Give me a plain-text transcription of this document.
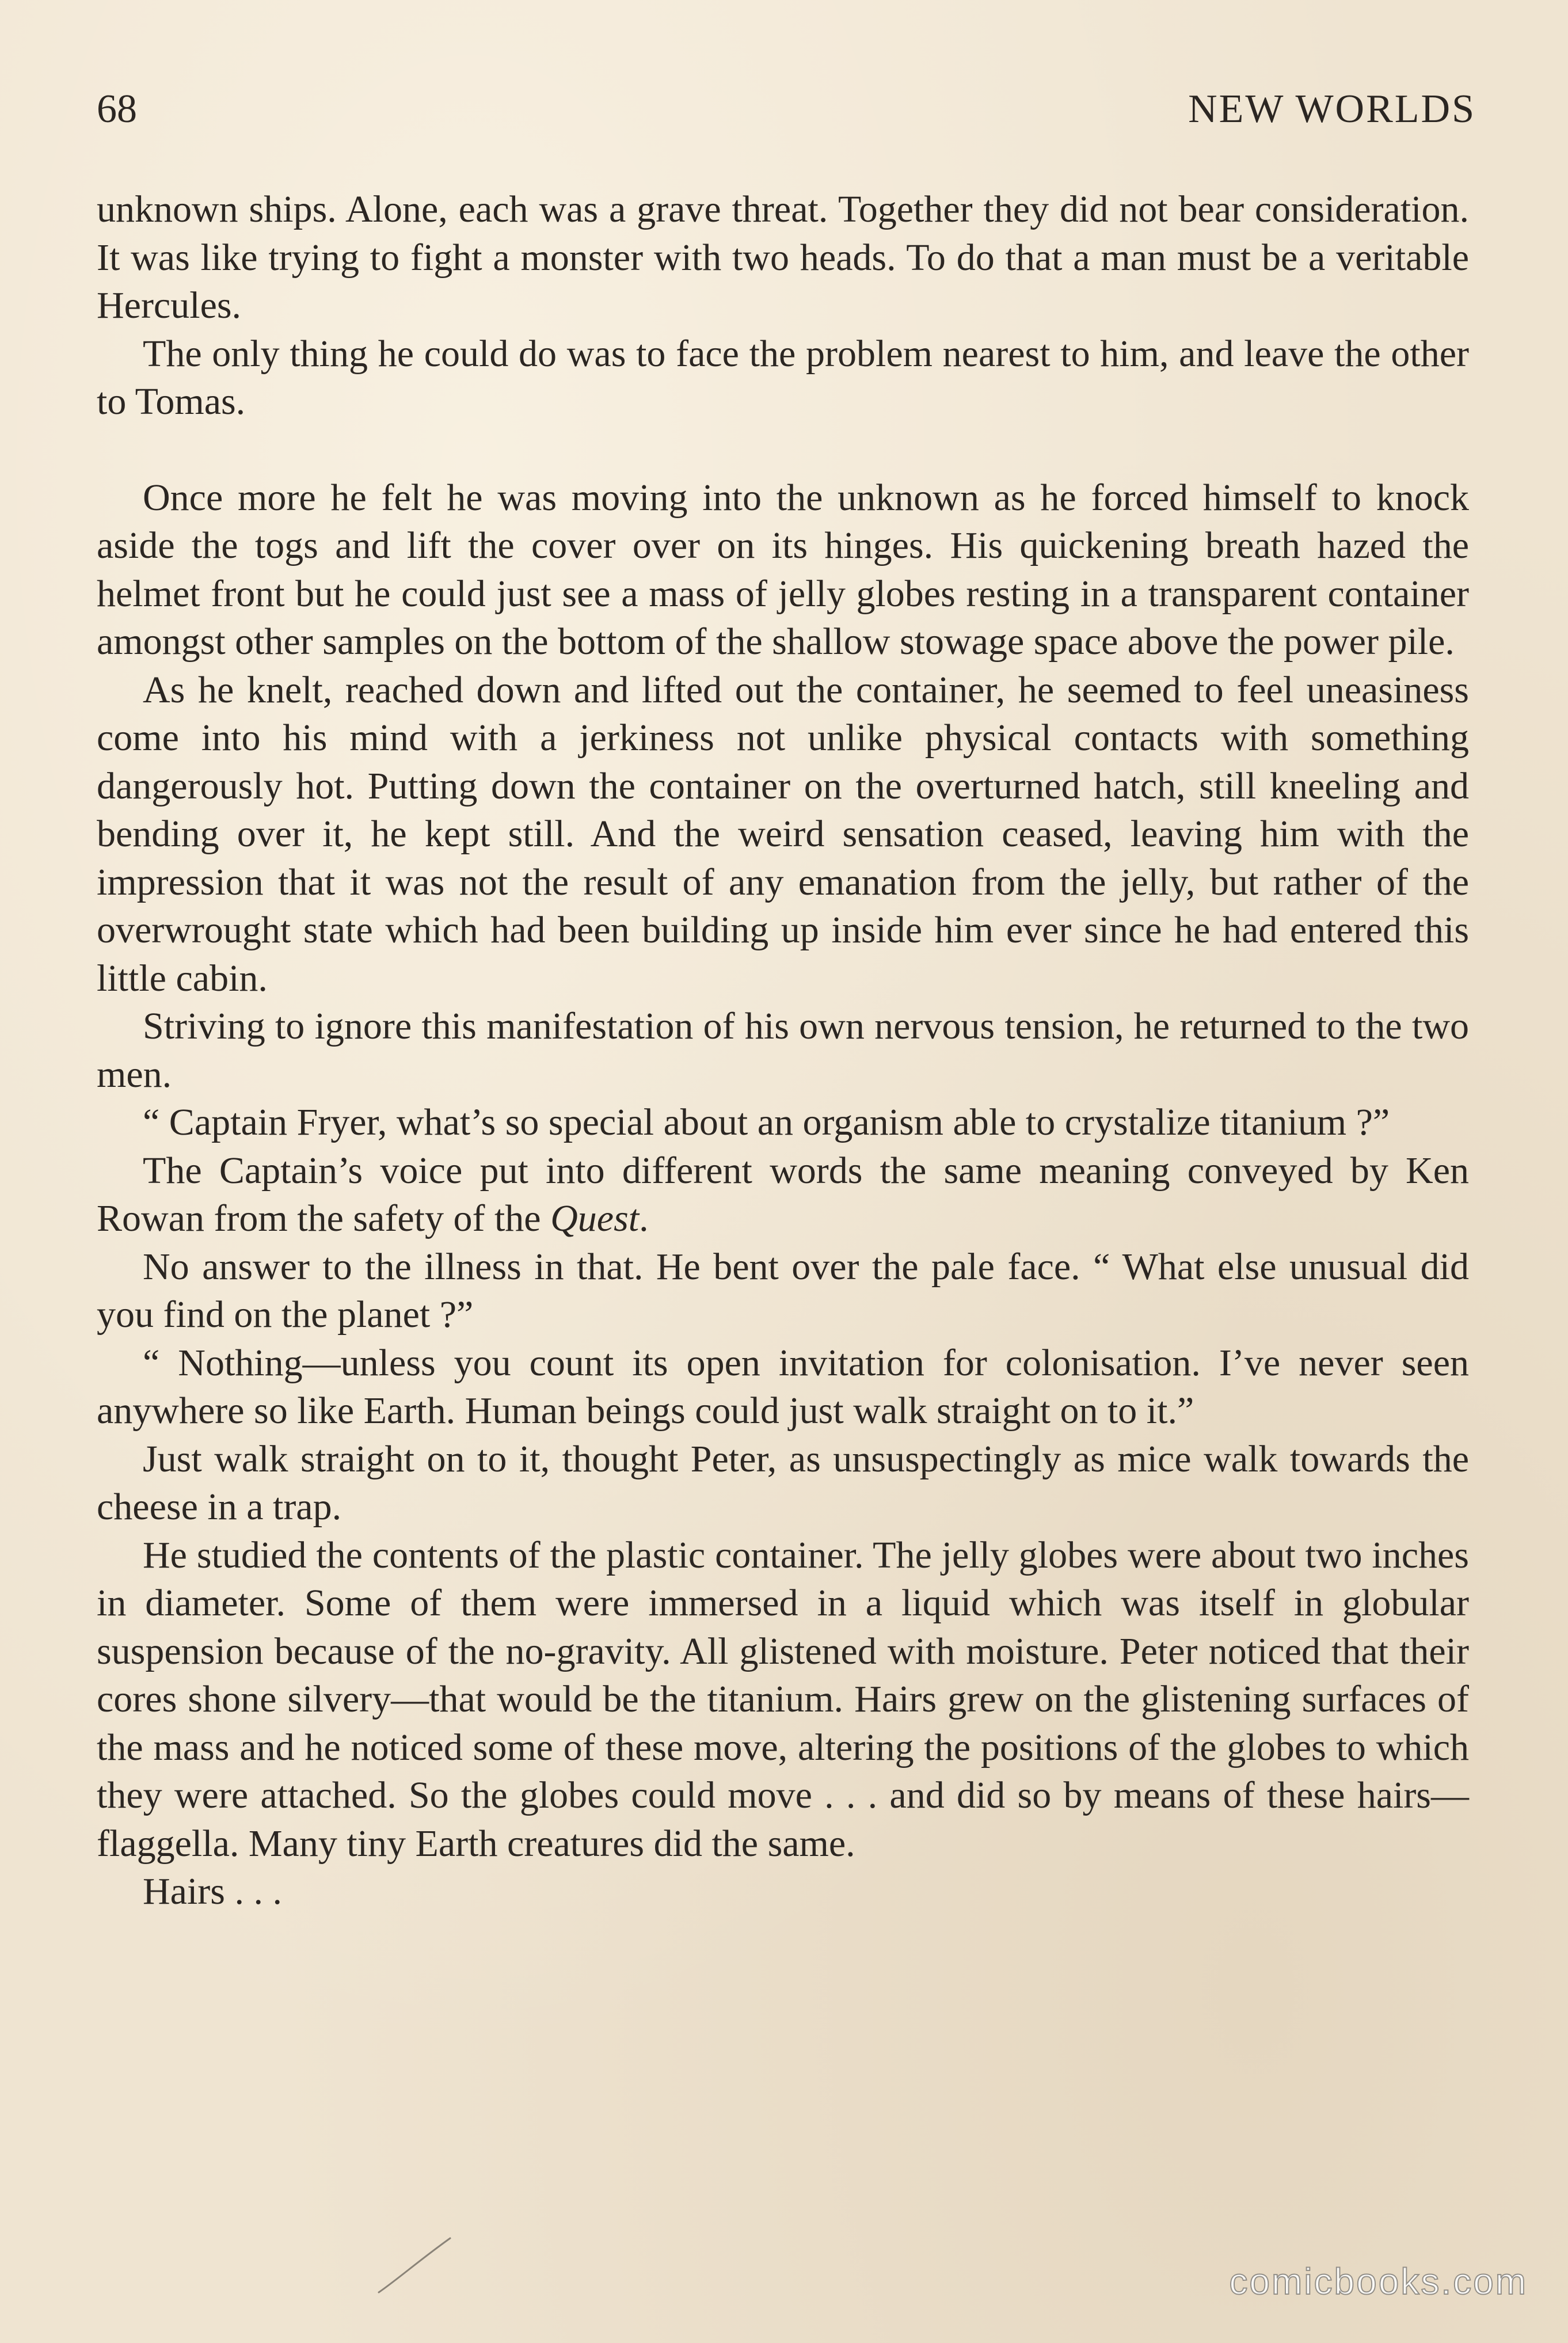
68	NEW WORLDS

unknown ships. Alone, each was a grave threat. Together they did not bear consideration. It was like trying to fight a monster with two heads. To do that a man must be a veritable Hercules.

The only thing he could do was to face the problem nearest to him, and leave the other to Tomas.

Once more he felt he was moving into the unknown as he forced himself to knock aside the togs and lift the cover over on its hinges. His quickening breath hazed the helmet front but he could just see a mass of jelly globes resting in a transparent container amongst other samples on the bottom of the shallow stowage space above the power pile.

As he knelt, reached down and lifted out the container, he seemed to feel uneasiness come into his mind with a jerkiness not unlike physical contacts with something dangerously hot. Putting down the container on the overturned hatch, still kneeling and bending over it, he kept still. And the weird sensation ceased, leaving him with the impression that it was not the result of any emanation from the jelly, but rather of the overwrought state which had been building up inside him ever since he had entered this little cabin.

Striving to ignore this manifestation of his own nervous tension, he returned to the two men.

“ Captain Fryer, what’s so special about an organism able to crystalize titanium ?”

The Captain’s voice put into different words the same meaning conveyed by Ken Rowan from the safety of the Quest.

No answer to the illness in that. He bent over the pale face. “ What else unusual did you find on the planet ?”

“ Nothing—unless you count its open invitation for colonisation. I’ve never seen anywhere so like Earth. Human beings could just walk straight on to it.”

Just walk straight on to it, thought Peter, as unsuspectingly as mice walk towards the cheese in a trap.

He studied the contents of the plastic container. The jelly globes were about two inches in diameter. Some of them were immersed in a liquid which was itself in globular suspension because of the no-gravity. All glistened with moisture. Peter noticed that their cores shone silvery—that would be the titanium. Hairs grew on the glistening surfaces of the mass and he noticed some of these move, altering the positions of the globes to which they were attached. So the globes could move . . . and did so by means of these hairs—flaggella. Many tiny Earth creatures did the same.

Hairs . . .

comicbooks.com
